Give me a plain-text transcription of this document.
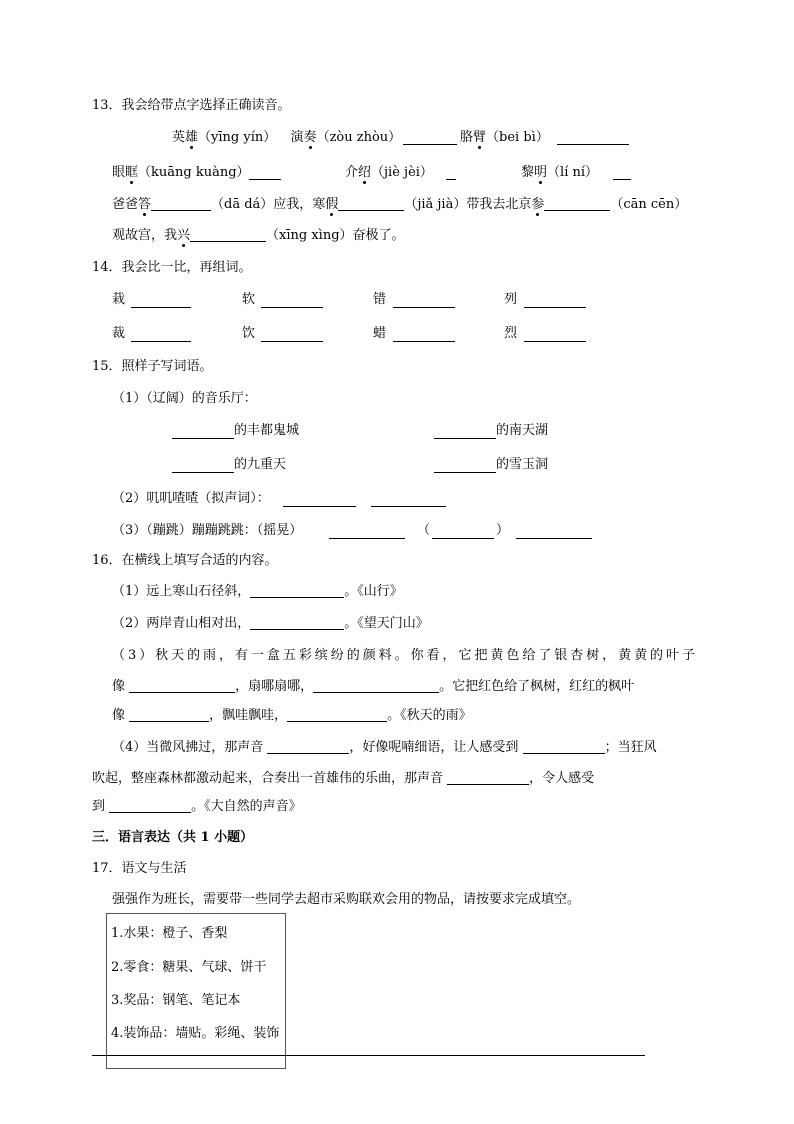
13．我会给带点字选择正确读音。
英雄（yīng yín） 演奏（zòu zhòu）	胳臂（bei bì）
眼眶（kuāng kuàng）	介绍（jiè jèi）	黎明（lí ní）
爸爸答	（dā dá）应我，寒假	（jiǎ jià）带我去北京参	（cān cēn）
观故宫，我兴	（xīng xìng）奋极了。
14．我会比一比，再组词。
栽	软	错	列
裁	饮	蜡	烈
15．照样子写词语。
（1）（辽阔）的音乐厅：
的丰都鬼城	的南天湖
的九重天	的雪玉洞
（2）叽叽喳喳（拟声词）：
（3）（蹦跳）蹦蹦跳跳：（摇晃）	（	）
16．在横线上填写合适的内容。
（1）远上寒山石径斜，	。《山行》
（2）两岸青山相对出，	。《望天门山》
（3）秋天的雨，有一盒五彩缤纷的颜料。你看，它把黄色给了银杏树，黄黄的叶子
像	，扇哪扇哪，	。它把红色给了枫树，红红的枫叶
像	，飘哇飘哇，	。《秋天的雨》
（4）当微风拂过，那声音	，好像呢喃细语，让人感受到	；当狂风
吹起，整座森林都激动起来，合奏出一首雄伟的乐曲，那声音	，令人感受
到	。《大自然的声音》
三．语言表达（共 1 小题）
17．语文与生活
强强作为班长，需要带一些同学去超市采购联欢会用的物品，请按要求完成填空。
1.水果：橙子、香梨
2.零食：糖果、气球、饼干
3.奖品：钢笔、笔记本
4.装饰品：墙贴。彩绳、装饰
